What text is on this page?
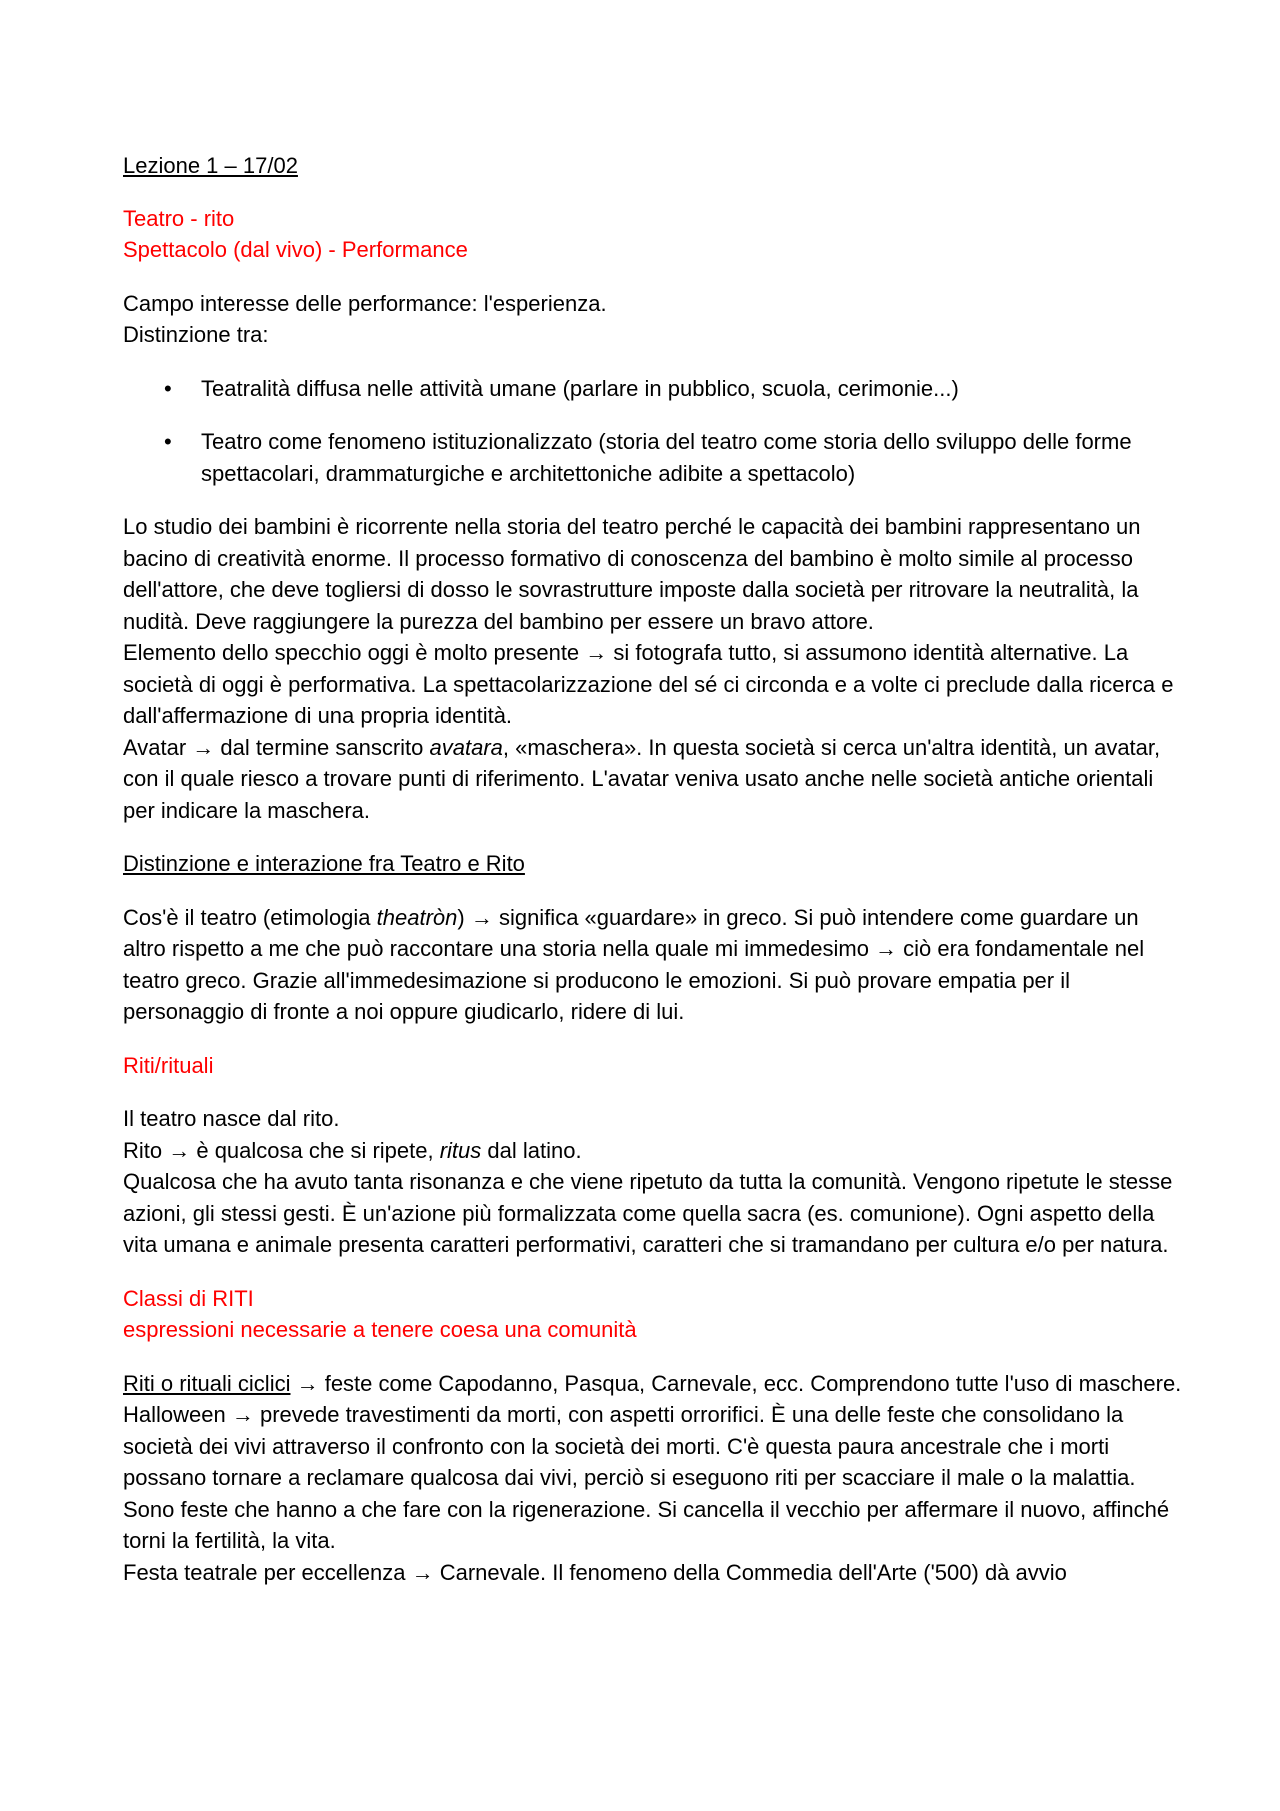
Lezione 1 – 17/02

Teatro - rito

Spettacolo (dal vivo) - Performance

Campo interesse delle performance: l'esperienza.

Distinzione tra:

• Teatralità diffusa nelle attività umane (parlare in pubblico, scuola, cerimonie...)
• Teatro come fenomeno istituzionalizzato (storia del teatro come storia dello sviluppo delle forme spettacolari, drammaturgiche e architettoniche adibite a spettacolo)

Lo studio dei bambini è ricorrente nella storia del teatro perché le capacità dei bambini rappresentano un bacino di creatività enorme. Il processo formativo di conoscenza del bambino è molto simile al processo dell'attore, che deve togliersi di dosso le sovrastrutture imposte dalla società per ritrovare la neutralità, la nudità. Deve raggiungere la purezza del bambino per essere un bravo attore.

Elemento dello specchio oggi è molto presente → si fotografa tutto, si assumono identità alternative. La società di oggi è performativa. La spettacolarizzazione del sé ci circonda e a volte ci preclude dalla ricerca e dall'affermazione di una propria identità.

Avatar → dal termine sanscrito avatara, «maschera». In questa società si cerca un'altra identità, un avatar, con il quale riesco a trovare punti di riferimento. L'avatar veniva usato anche nelle società antiche orientali per indicare la maschera.

Distinzione e interazione fra Teatro e Rito

Cos'è il teatro (etimologia theatròn) → significa «guardare» in greco. Si può intendere come guardare un altro rispetto a me che può raccontare una storia nella quale mi immedesimo → ciò era fondamentale nel teatro greco. Grazie all'immedesimazione si producono le emozioni. Si può provare empatia per il personaggio di fronte a noi oppure giudicarlo, ridere di lui.

Riti/rituali

Il teatro nasce dal rito.

Rito → è qualcosa che si ripete, ritus dal latino.

Qualcosa che ha avuto tanta risonanza e che viene ripetuto da tutta la comunità. Vengono ripetute le stesse azioni, gli stessi gesti. È un'azione più formalizzata come quella sacra (es. comunione). Ogni aspetto della vita umana e animale presenta caratteri performativi, caratteri che si tramandano per cultura e/o per natura.

Classi di RITI

espressioni necessarie a tenere coesa una comunità

Riti o rituali ciclici → feste come Capodanno, Pasqua, Carnevale, ecc. Comprendono tutte l'uso di maschere. Halloween → prevede travestimenti da morti, con aspetti orrorifici. È una delle feste che consolidano la società dei vivi attraverso il confronto con la società dei morti. C'è questa paura ancestrale che i morti possano tornare a reclamare qualcosa dai vivi, perciò si eseguono riti per scacciare il male o la malattia.

Sono feste che hanno a che fare con la rigenerazione. Si cancella il vecchio per affermare il nuovo, affinché torni la fertilità, la vita.

Festa teatrale per eccellenza → Carnevale. Il fenomeno della Commedia dell'Arte ('500) dà avvio
